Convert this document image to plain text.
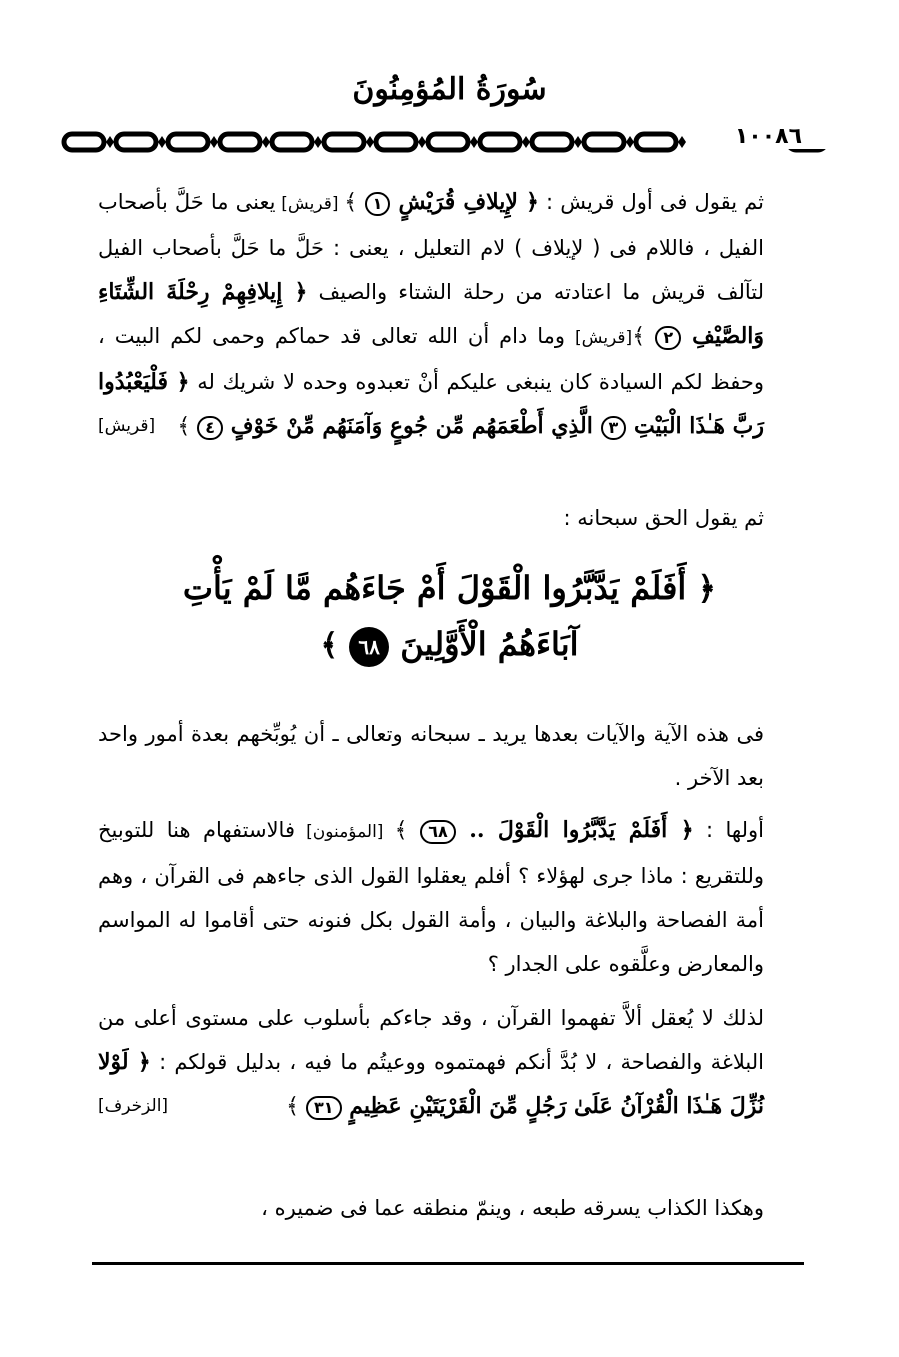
سُورَةُ المُؤمِنُونَ
١٠٠٨٦

ثم يقول فى أول قريش : ﴿ لإِيلافِ قُرَيْشٍ ١ ﴾ [قريش] يعنى ما حَلَّ بأصحاب الفيل ، فاللام فى ( لإيلاف ) لام التعليل ، يعنى : حَلَّ ما حَلَّ بأصحاب الفيل لتآلف قريش ما اعتادته من رحلة الشتاء والصيف ﴿ إِيلافِهِمْ رِحْلَةَ الشِّتَاءِ وَالصَّيْفِ ٢ ﴾[قريش] وما دام أن الله تعالى قد حماكم وحمى لكم البيت ، وحفظ لكم السيادة كان ينبغى عليكم أنْ تعبدوه وحده لا شريك له ﴿ فَلْيَعْبُدُوا رَبَّ هَـٰذَا الْبَيْتِ ٣ الَّذِي أَطْعَمَهُم مِّن جُوعٍ وَآمَنَهُم مِّنْ خَوْفٍ ٤ ﴾
[قريش]

ثم يقول الحق سبحانه :

﴿ أَفَلَمْ يَدَّبَّرُوا الْقَوْلَ أَمْ جَاءَهُم مَّا لَمْ يَأْتِ
آبَاءَهُمُ الْأَوَّلِينَ ٦٨ ﴾

فى هذه الآية والآيات بعدها يريد ـ سبحانه وتعالى ـ أن يُوبِّخهم بعدة أمور واحد بعد الآخر .

أولها : ﴿ أَفَلَمْ يَدَّبَّرُوا الْقَوْلَ .. ٦٨ ﴾ [المؤمنون] فالاستفهام هنا للتوبيخ وللتقريع : ماذا جرى لهؤلاء ؟ أفلم يعقلوا القول الذى جاءهم فى القرآن ، وهم أمة الفصاحة والبلاغة والبيان ، وأمة القول بكل فنونه حتى أقاموا له المواسم والمعارض وعلَّقوه على الجدار ؟

لذلك لا يُعقل ألاَّ تفهموا القرآن ، وقد جاءكم بأسلوب على مستوى أعلى من البلاغة والفصاحة ، لا بُدَّ أنكم فهمتموه ووعيتُم ما فيه ، بدليل قولكم : ﴿ لَوْلا نُزِّلَ هَـٰذَا الْقُرْآنُ عَلَىٰ رَجُلٍ مِّنَ الْقَرْيَتَيْنِ عَظِيمٍ ٣١ ﴾
[الزخرف]

وهكذا الكذاب يسرقه طبعه ، وينمّ منطقه عما فى ضميره ،
